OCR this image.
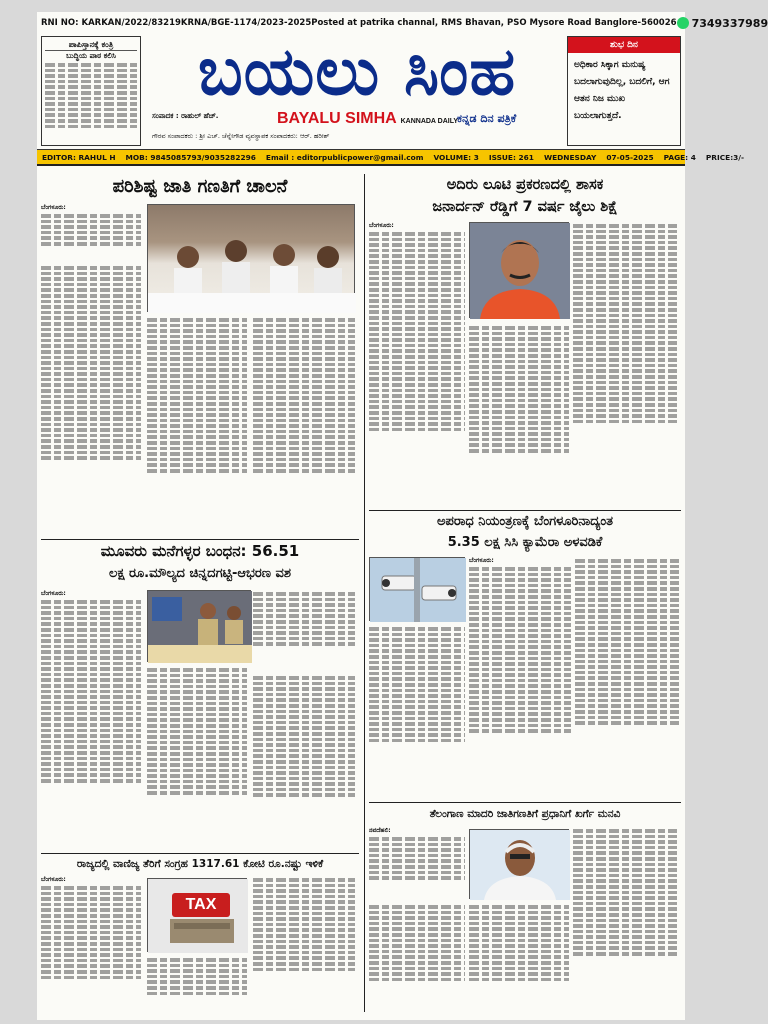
RNI NO: KARKAN/2022/83219 KRNA/BGE-1174/2023-2025 Posted at patrika channal, RMS Bhavan, PSO Mysore Road Banglore-560026 7349337989
ಪಾಪಿಸ್ತಾನಕ್ಕೆ ಕಂತ್ರಿ
ಬುದ್ಧಿಯ ಪಾಠ ಕಲಿಸಿ	ಬಯಲು ಸಿಂಹ
ಸಂಪಾದಕ : ರಾಹುಲ್ ಹೆಚ್.	BAYALU SIMHA KANNADA DAILY
ಕನ್ನಡ ದಿನ ಪತ್ರಿಕೆ
ಗೌರವ ಸಂಪಾದಕರು : ಶ್ರೀ ಎಚ್. ಚೆನ್ನೇಗೌಡ ವ್ಯವಸ್ಥಾಪಕ ಸಂಪಾದಕರು: ಆರ್. ಹರೀಶ್
ಶುಭ ದಿನ
ಅಧಿಕಾರ ಸಿಕ್ಕಾಗ ಮನುಷ್ಯ ಬದಲಾಗುವುದಿಲ್ಲ, ಬದಲಿಗೆ, ಆಗ ಆತನ ನಿಜ ಮುಖ ಬಯಲಾಗುತ್ತದೆ.
EDITOR: RAHUL H MOB: 9845085793/9035282296 Email : editorpublicpower@gmail.com VOLUME: 3 ISSUE: 261 WEDNESDAY 07-05-2025 PAGE: 4 PRICE:3/-
ಪರಿಶಿಷ್ಟ ಜಾತಿ ಗಣತಿಗೆ ಚಾಲನೆ
ಬೆಂಗಳೂರು:
ಅದಿರು ಲೂಟಿ ಪ್ರಕರಣದಲ್ಲಿ ಶಾಸಕ
ಜನಾರ್ದನ್ ರೆಡ್ಡಿಗೆ 7 ವರ್ಷ ಜೈಲು ಶಿಕ್ಷೆ
ಬೆಂಗಳೂರು:
ಮೂವರು ಮನೆಗಳ್ಳರ ಬಂಧನ: 56.51
ಲಕ್ಷ ರೂ.ಮೌಲ್ಯದ ಚಿನ್ನದಗಟ್ಟಿ-ಆಭರಣ ವಶ
ಬೆಂಗಳೂರು:
ಅಪರಾಧ ನಿಯಂತ್ರಣಕ್ಕೆ ಬೆಂಗಳೂರಿನಾದ್ಯಂತ
5.35 ಲಕ್ಷ ಸಿಸಿ ಕ್ಯಾಮೆರಾ ಅಳವಡಿಕೆ
ಬೆಂಗಳೂರು:
ರಾಜ್ಯದಲ್ಲಿ ವಾಣಿಜ್ಯ ತೆರಿಗೆ ಸಂಗ್ರಹ 1317.61 ಕೋಟಿ ರೂ.ನಷ್ಟು ಇಳಿಕೆ
ಬೆಂಗಳೂರು:
TAX
ತೆಲಂಗಾಣ ಮಾದರಿ ಜಾತಿಗಣತಿಗೆ ಪ್ರಧಾನಿಗೆ ಖರ್ಗೆ ಮನವಿ
ನವದೆಹಲಿ:
